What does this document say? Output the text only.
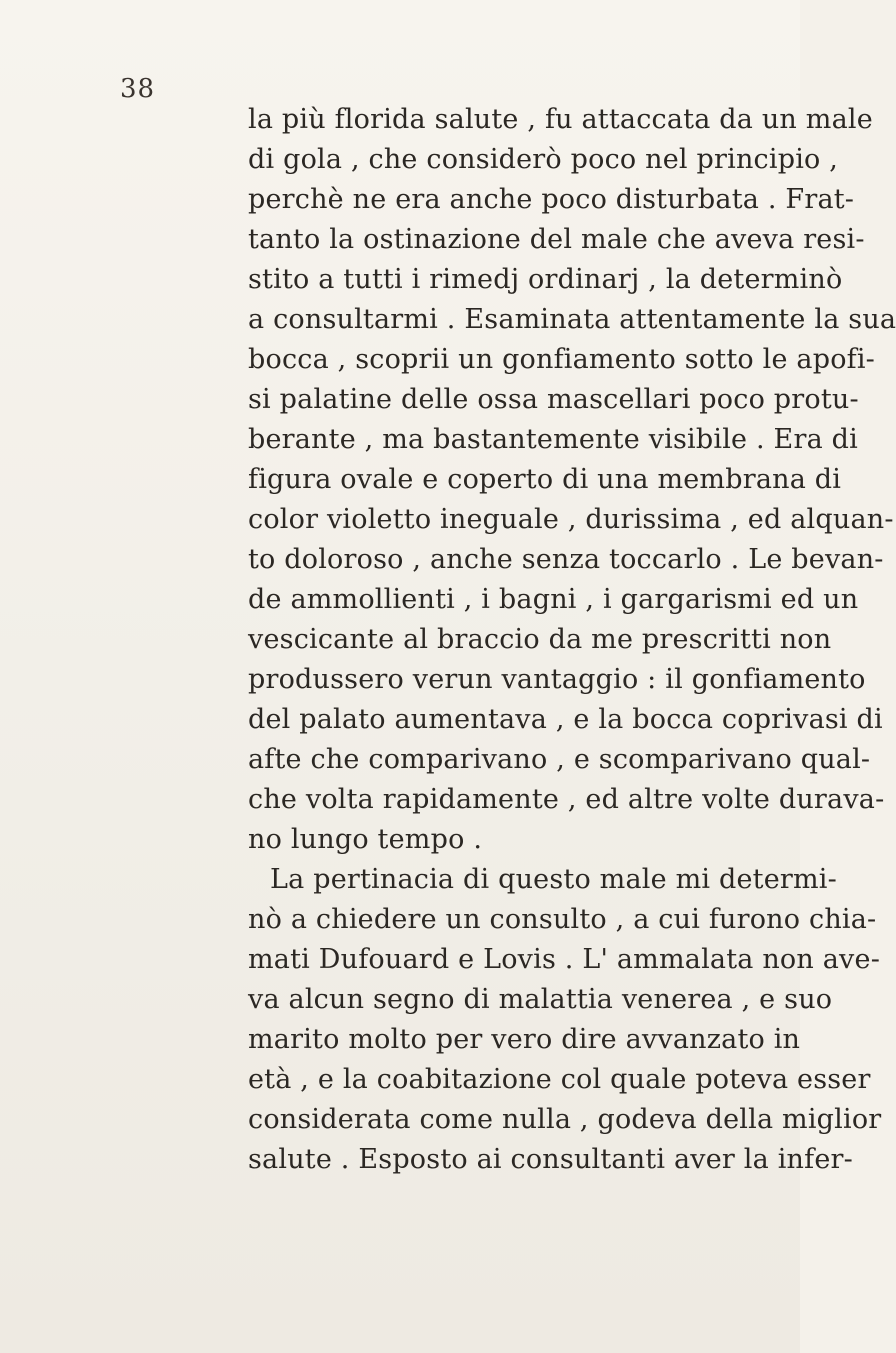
38
la più florida salute , fu attaccata da un male
di gola , che considerò poco nel principio ,
perchè ne era anche poco disturbata . Frat-
tanto la ostinazione del male che aveva resi-
stito a tutti i rimedj ordinarj , la determinò
a consultarmi . Esaminata attentamente la sua
bocca , scoprii un gonfiamento sotto le apofi-
si palatine delle ossa mascellari poco protu-
berante , ma bastantemente visibile . Era di
figura ovale e coperto di una membrana di
color violetto ineguale , durissima , ed alquan-
to doloroso , anche senza toccarlo . Le bevan-
de ammollienti , i bagni , i gargarismi ed un
vescicante al braccio da me prescritti non
produssero verun vantaggio : il gonfiamento
del palato aumentava , e la bocca coprivasi di
afte che comparivano , e scomparivano qual-
che volta rapidamente , ed altre volte durava-
no lungo tempo .
La pertinacia di questo male mi determi-
nò a chiedere un consulto , a cui furono chia-
mati Dufouard e Lovis . L' ammalata non ave-
va alcun segno di malattia venerea , e suo
marito molto per vero dire avvanzato in
età , e la coabitazione col quale poteva esser
considerata come nulla , godeva della miglior
salute . Esposto ai consultanti aver la infer-
